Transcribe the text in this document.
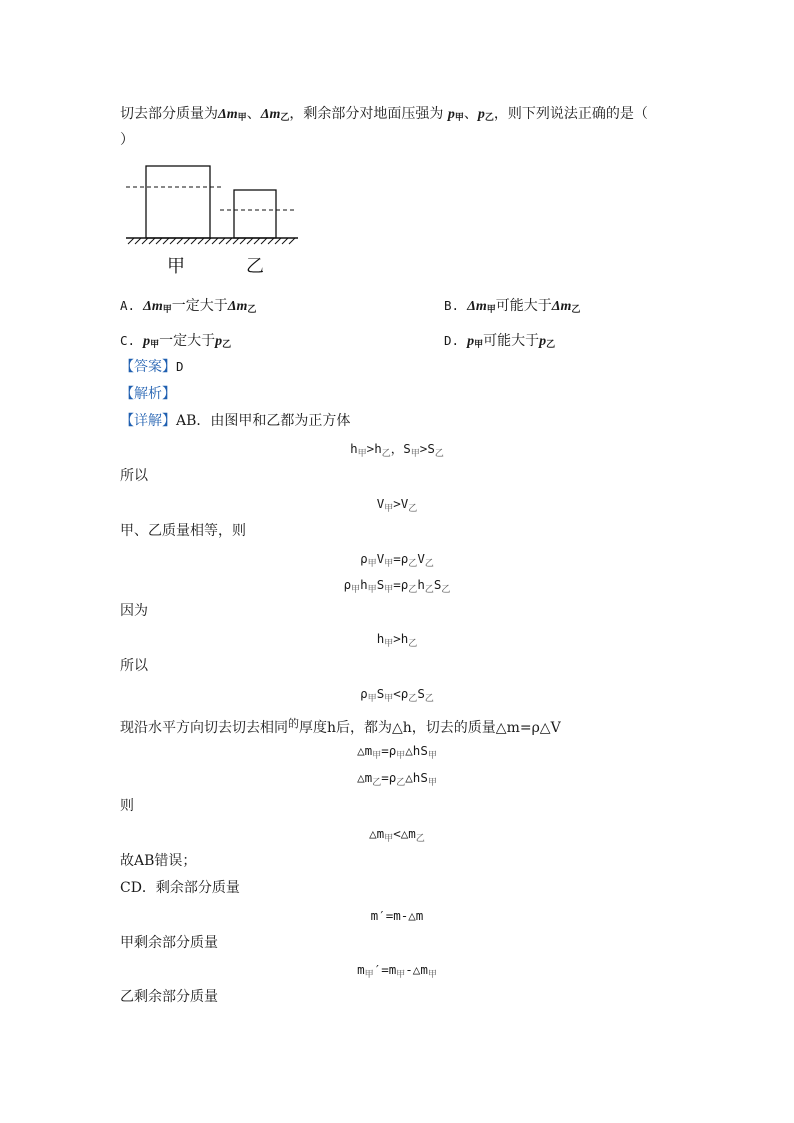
切去部分质量为Δm甲、Δm乙，剩余部分对地面压强为 p甲、p乙，则下列说法正确的是（
）
甲	乙
A. Δm甲一定大于Δm乙	B. Δm甲可能大于Δm乙
C. p甲一定大于p乙	D. p甲可能大于p乙
【答案】D
【解析】
【详解】AB．由图甲和乙都为正方体
$h_甲>h_乙$，$S_甲>S_乙$
所以
$V_甲>V_乙$
甲、乙质量相等，则
$\rho_甲V_甲=\rho_乙V_乙$
$\rho_甲h_甲S_甲=\rho_乙h_乙S_乙$
因为
$h_甲>h_乙$
所以
$\rho_甲S_甲<\rho_乙S_乙$
现沿水平方向切去切去相同$^的$厚度h后，都为△h，切去的质量△m=ρ△V
$\triangle m_甲=\rho_甲\triangle hS_甲$
$\triangle m_乙=\rho_乙\triangle hS_甲$
则
$\triangle m_甲<\triangle m_乙$
故AB错误；
CD．剩余部分质量
m′=m-△m
甲剩余部分质量
$m_甲'=m_甲-\triangle m_甲$
乙剩余部分质量
